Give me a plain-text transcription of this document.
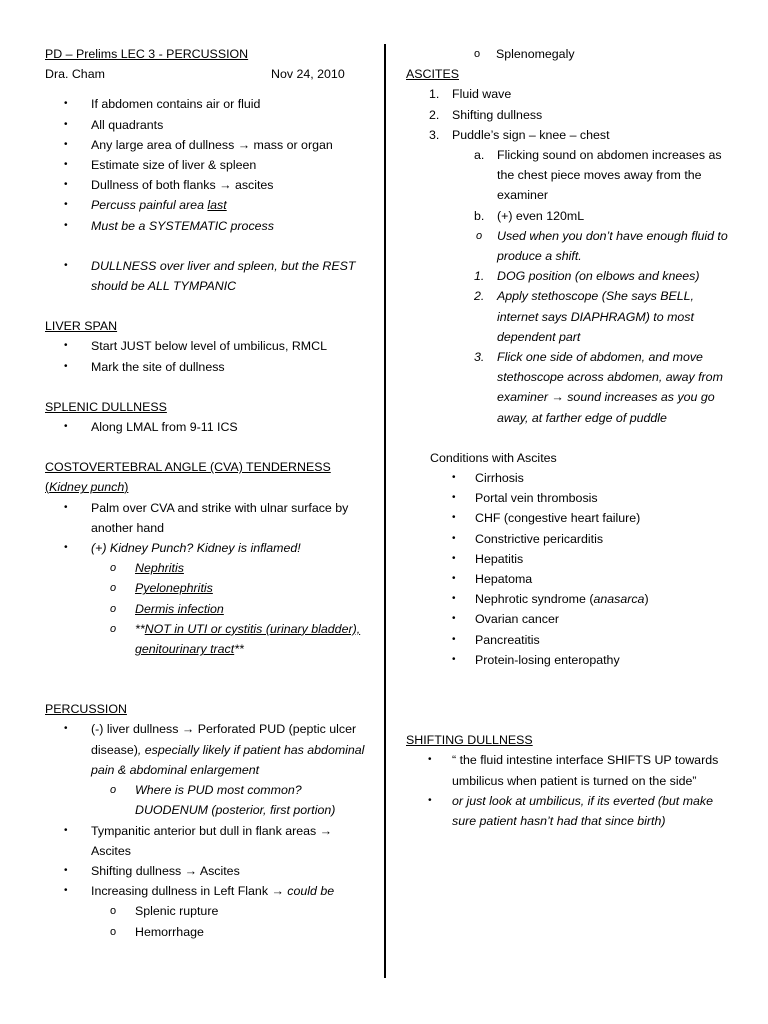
PD – Prelims LEC 3 - PERCUSSION
Dra. Cham	Nov 24, 2010
• If abdomen contains air or fluid
• All quadrants
• Any large area of dullness → mass or organ
• Estimate size of liver & spleen
• Dullness of both flanks → ascites
• Percuss painful area last
• Must be a SYSTEMATIC process
• DULLNESS over liver and spleen, but the REST should be ALL TYMPANIC
LIVER SPAN
• Start JUST below level of umbilicus, RMCL
• Mark the site of dullness
SPLENIC DULLNESS
• Along LMAL from 9-11 ICS
COSTOVERTEBRAL ANGLE (CVA) TENDERNESS (Kidney punch)
• Palm over CVA and strike with ulnar surface by another hand
• (+) Kidney Punch? Kidney is inflamed!
o Nephritis
o Pyelonephritis
o Dermis infection
o **NOT in UTI or cystitis (urinary bladder), genitourinary tract**
PERCUSSION
• (-) liver dullness → Perforated PUD (peptic ulcer disease), especially likely if patient has abdominal pain & abdominal enlargement
o Where is PUD most common? DUODENUM (posterior, first portion)
• Tympanitic anterior but dull in flank areas → Ascites
• Shifting dullness → Ascites
• Increasing dullness in Left Flank → could be
o Splenic rupture
o Hemorrhage
o Splenomegaly
ASCITES
1. Fluid wave
2. Shifting dullness
3. Puddle’s sign – knee – chest
a. Flicking sound on abdomen increases as the chest piece moves away from the examiner
b. (+) even 120mL
o Used when you don’t have enough fluid to produce a shift.
1. DOG position (on elbows and knees)
2. Apply stethoscope (She says BELL, internet says DIAPHRAGM) to most dependent part
3. Flick one side of abdomen, and move stethoscope across abdomen, away from examiner → sound increases as you go away, at farther edge of puddle
Conditions with Ascites
• Cirrhosis
• Portal vein thrombosis
• CHF (congestive heart failure)
• Constrictive pericarditis
• Hepatitis
• Hepatoma
• Nephrotic syndrome (anasarca)
• Ovarian cancer
• Pancreatitis
• Protein-losing enteropathy
SHIFTING DULLNESS
• “ the fluid intestine interface SHIFTS UP towards umbilicus when patient is turned on the side”
• or just look at umbilicus, if its everted (but make sure patient hasn’t had that since birth)
